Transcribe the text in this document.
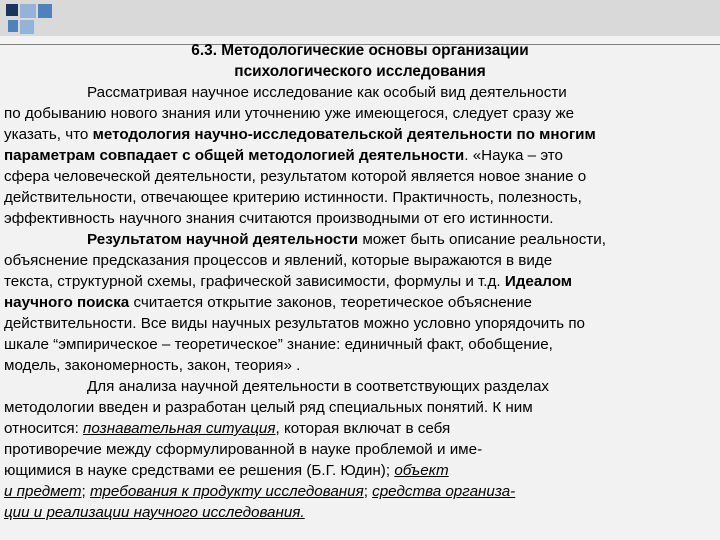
6.3. Методологические основы организации
психологического исследования
Рассматривая научное исследование как особый вид деятельности
по добыванию нового знания или уточнению уже имеющегося, следует сразу же
указать, что методология научно-исследовательской деятельности по многим
параметрам совпадает с общей методологией деятельности. «Наука – это
сфера человеческой деятельности, результатом которой является новое знание о
действительности, отвечающее критерию истинности. Практичность, полезность,
эффективность научного знания считаются производными от его истинности.
Результатом научной деятельности может быть описание реальности,
объяснение предсказания процессов и явлений, которые выражаются в виде
текста, структурной схемы, графической зависимости, формулы и т.д. Идеалом
научного поиска считается открытие законов, теоретическое объяснение
действительности. Все виды научных результатов можно условно упорядочить по
шкале “эмпирическое – теоретическое” знание: единичный факт, обобщение,
модель, закономерность, закон, теория» .
Для анализа научной деятельности в соответствующих разделах
методологии введен и разработан целый ряд специальных понятий. К ним
относится: познавательная ситуация, которая включат в себя
противоречие между сформулированной в науке проблемой и име-
ющимися в науке средствами ее решения (Б.Г. Юдин); объект
и предмет; требования к продукту исследования; средства организа-
ции и реализации научного исследования.
